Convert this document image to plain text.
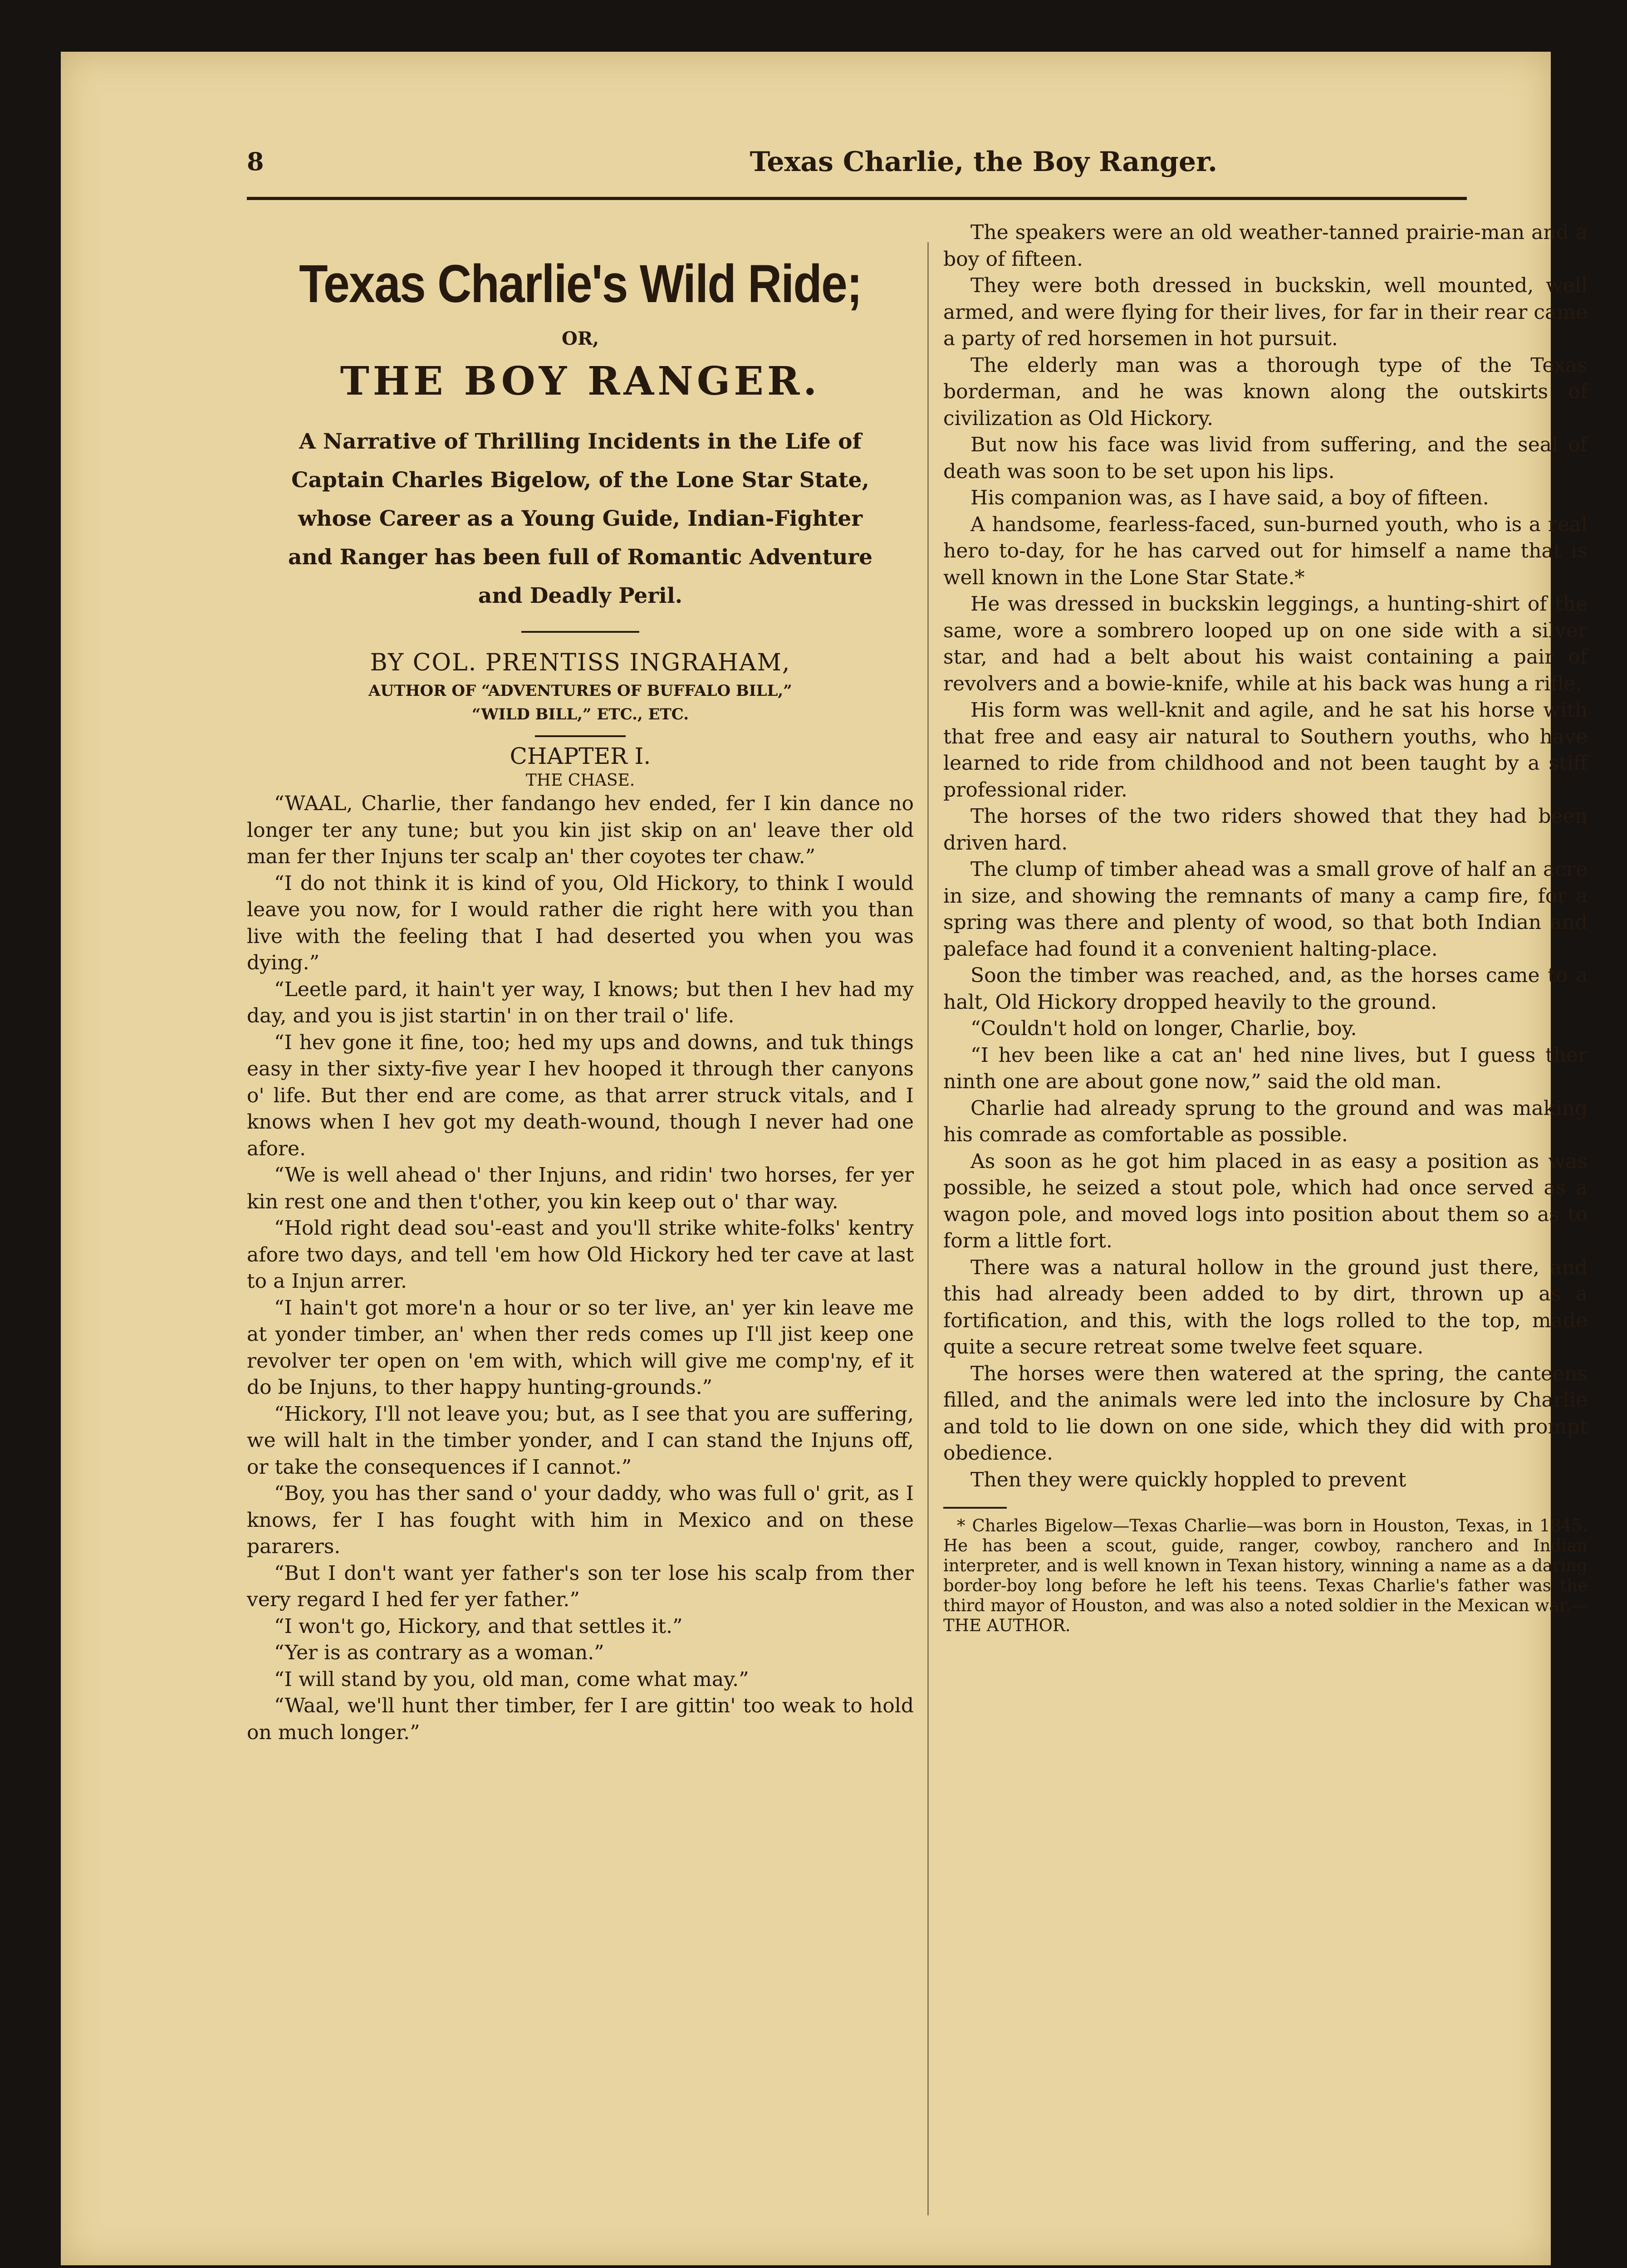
8	Texas Charlie, the Boy Ranger.
Texas Charlie's Wild Ride;
OR,
THE BOY RANGER.
A Narrative of Thrilling Incidents in the Life of Captain Charles Bigelow, of the Lone Star State, whose Career as a Young Guide, Indian-Fighter and Ranger has been full of Romantic Adventure and Deadly Peril.
BY COL. PRENTISS INGRAHAM,
AUTHOR OF “ADVENTURES OF BUFFALO BILL,”
“WILD BILL,” ETC., ETC.
CHAPTER I.
THE CHASE.

“WAAL, Charlie, ther fandango hev ended, fer I kin dance no longer ter any tune; but you kin jist skip on an' leave ther old man fer ther Injuns ter scalp an' ther coyotes ter chaw.”

“I do not think it is kind of you, Old Hickory, to think I would leave you now, for I would rather die right here with you than live with the feeling that I had deserted you when you was dying.”

“Leetle pard, it hain't yer way, I knows; but then I hev had my day, and you is jist startin' in on ther trail o' life.

“I hev gone it fine, too; hed my ups and downs, and tuk things easy in ther sixty-five year I hev hooped it through ther canyons o' life. But ther end are come, as that arrer struck vitals, and I knows when I hev got my death-wound, though I never had one afore.

“We is well ahead o' ther Injuns, and ridin' two horses, fer yer kin rest one and then t'other, you kin keep out o' thar way.

“Hold right dead sou'-east and you'll strike white-folks' kentry afore two days, and tell 'em how Old Hickory hed ter cave at last to a Injun arrer.

“I hain't got more'n a hour or so ter live, an' yer kin leave me at yonder timber, an' when ther reds comes up I'll jist keep one revolver ter open on 'em with, which will give me comp'ny, ef it do be Injuns, to ther happy hunting-grounds.”

“Hickory, I'll not leave you; but, as I see that you are suffering, we will halt in the timber yonder, and I can stand the Injuns off, or take the consequences if I cannot.”

“Boy, you has ther sand o' your daddy, who was full o' grit, as I knows, fer I has fought with him in Mexico and on these pararers.

“But I don't want yer father's son ter lose his scalp from ther very regard I hed fer yer father.”

“I won't go, Hickory, and that settles it.”

“Yer is as contrary as a woman.”

“I will stand by you, old man, come what may.”

“Waal, we'll hunt ther timber, fer I are gittin' too weak to hold on much longer.”

The speakers were an old weather-tanned prairie-man and a boy of fifteen.

They were both dressed in buckskin, well mounted, well armed, and were flying for their lives, for far in their rear came a party of red horsemen in hot pursuit.

The elderly man was a thorough type of the Texas borderman, and he was known along the outskirts of civilization as Old Hickory.

But now his face was livid from suffering, and the seal of death was soon to be set upon his lips.

His companion was, as I have said, a boy of fifteen.

A handsome, fearless-faced, sun-burned youth, who is a real hero to-day, for he has carved out for himself a name that is well known in the Lone Star State.*

He was dressed in buckskin leggings, a hunting-shirt of the same, wore a sombrero looped up on one side with a silver star, and had a belt about his waist containing a pair of revolvers and a bowie-knife, while at his back was hung a rifle.

His form was well-knit and agile, and he sat his horse with that free and easy air natural to Southern youths, who have learned to ride from childhood and not been taught by a stiff professional rider.

The horses of the two riders showed that they had been driven hard.

The clump of timber ahead was a small grove of half an acre in size, and showing the remnants of many a camp fire, for a spring was there and plenty of wood, so that both Indian and paleface had found it a convenient halting-place.

Soon the timber was reached, and, as the horses came to a halt, Old Hickory dropped heavily to the ground.

“Couldn't hold on longer, Charlie, boy.

“I hev been like a cat an' hed nine lives, but I guess ther ninth one are about gone now,” said the old man.

Charlie had already sprung to the ground and was making his comrade as comfortable as possible.

As soon as he got him placed in as easy a position as was possible, he seized a stout pole, which had once served as a wagon pole, and moved logs into position about them so as to form a little fort.

There was a natural hollow in the ground just there, and this had already been added to by dirt, thrown up as a fortification, and this, with the logs rolled to the top, made quite a secure retreat some twelve feet square.

The horses were then watered at the spring, the canteens filled, and the animals were led into the inclosure by Charlie and told to lie down on one side, which they did with prompt obedience.

Then they were quickly hoppled to prevent

* Charles Bigelow—Texas Charlie—was born in Houston, Texas, in 1845. He has been a scout, guide, ranger, cowboy, ranchero and Indian interpreter, and is well known in Texan history, winning a name as a daring border-boy long before he left his teens. Texas Charlie's father was the third mayor of Houston, and was also a noted soldier in the Mexican war.—THE AUTHOR.
